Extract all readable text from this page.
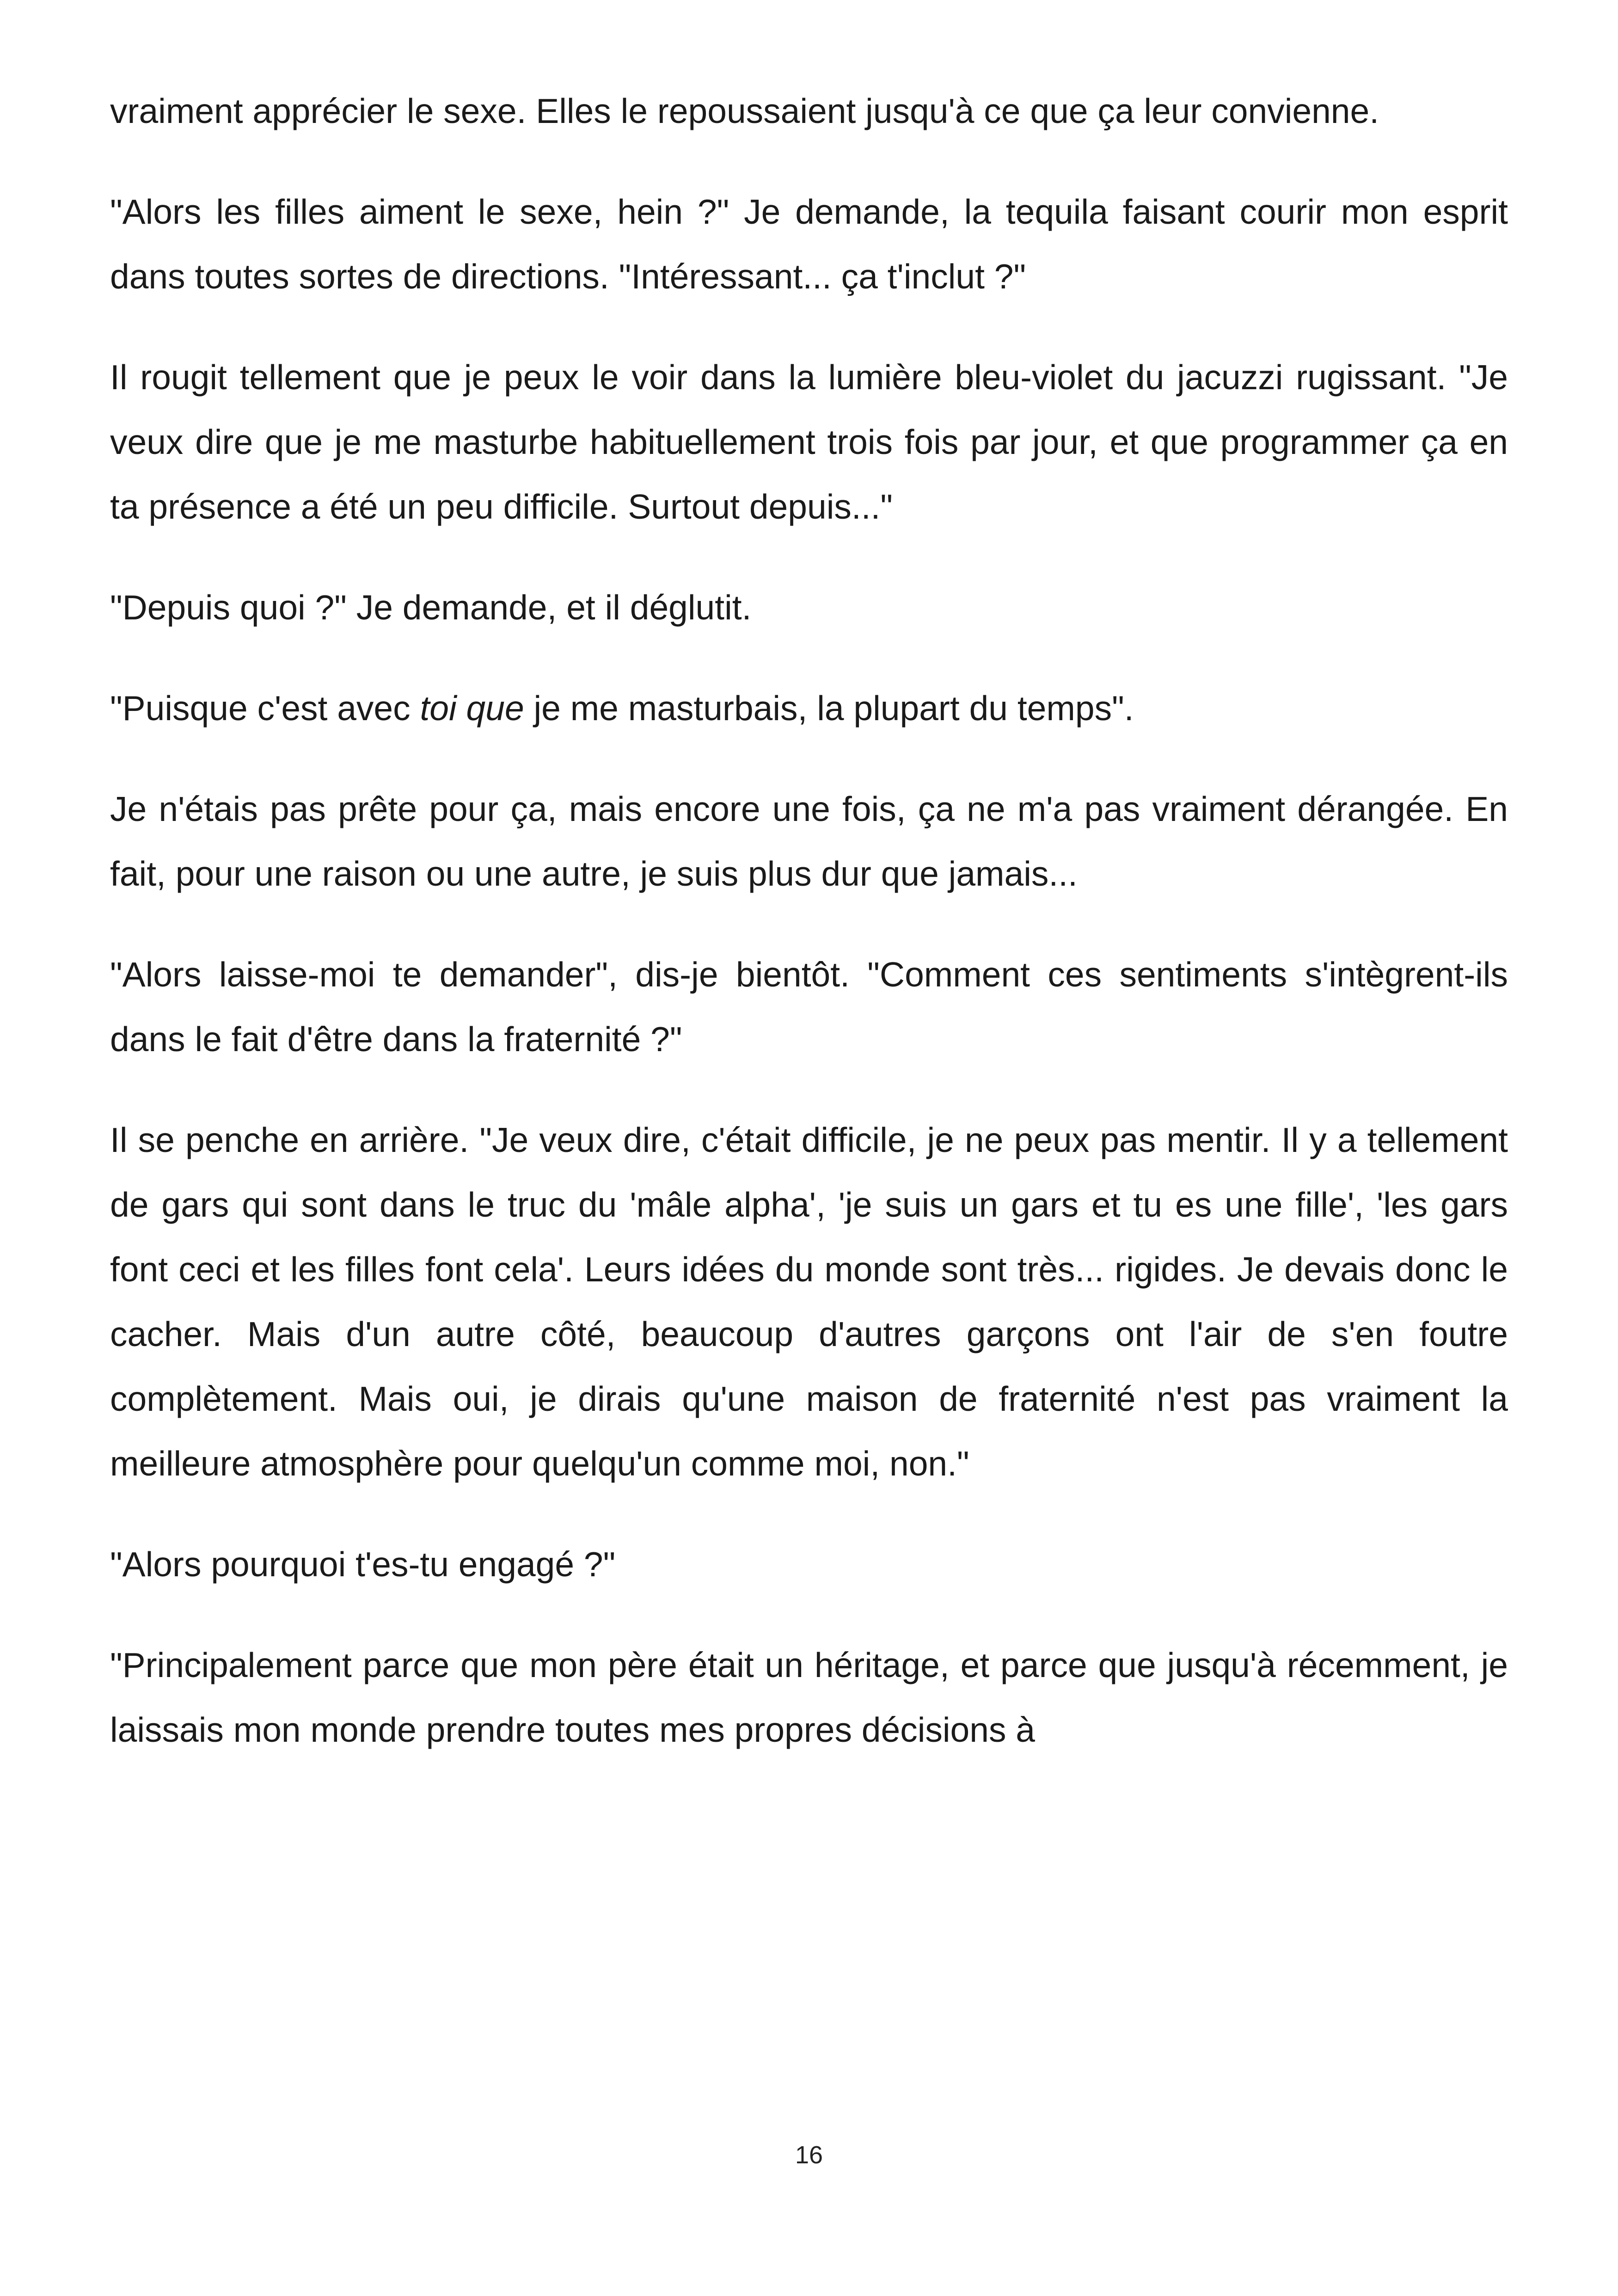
vraiment apprécier le sexe. Elles le repoussaient jusqu'à ce que ça leur convienne.

"Alors les filles aiment le sexe, hein ?" Je demande, la tequila faisant courir mon esprit dans toutes sortes de directions. "Intéressant... ça t'inclut ?"

Il rougit tellement que je peux le voir dans la lumière bleu-violet du jacuzzi rugissant. "Je veux dire que je me masturbe habituellement trois fois par jour, et que programmer ça en ta présence a été un peu difficile. Surtout depuis..."

"Depuis quoi ?" Je demande, et il déglutit.

"Puisque c'est avec toi que je me masturbais, la plupart du temps".

Je n'étais pas prête pour ça, mais encore une fois, ça ne m'a pas vraiment dérangée. En fait, pour une raison ou une autre, je suis plus dur que jamais...

"Alors laisse-moi te demander", dis-je bientôt. "Comment ces sentiments s'intègrent-ils dans le fait d'être dans la fraternité ?"

Il se penche en arrière. "Je veux dire, c'était difficile, je ne peux pas mentir. Il y a tellement de gars qui sont dans le truc du 'mâle alpha', 'je suis un gars et tu es une fille', 'les gars font ceci et les filles font cela'. Leurs idées du monde sont très... rigides. Je devais donc le cacher. Mais d'un autre côté, beaucoup d'autres garçons ont l'air de s'en foutre complètement. Mais oui, je dirais qu'une maison de fraternité n'est pas vraiment la meilleure atmosphère pour quelqu'un comme moi, non."

"Alors pourquoi t'es-tu engagé ?"

"Principalement parce que mon père était un héritage, et parce que jusqu'à récemment, je laissais mon monde prendre toutes mes propres décisions à

16
